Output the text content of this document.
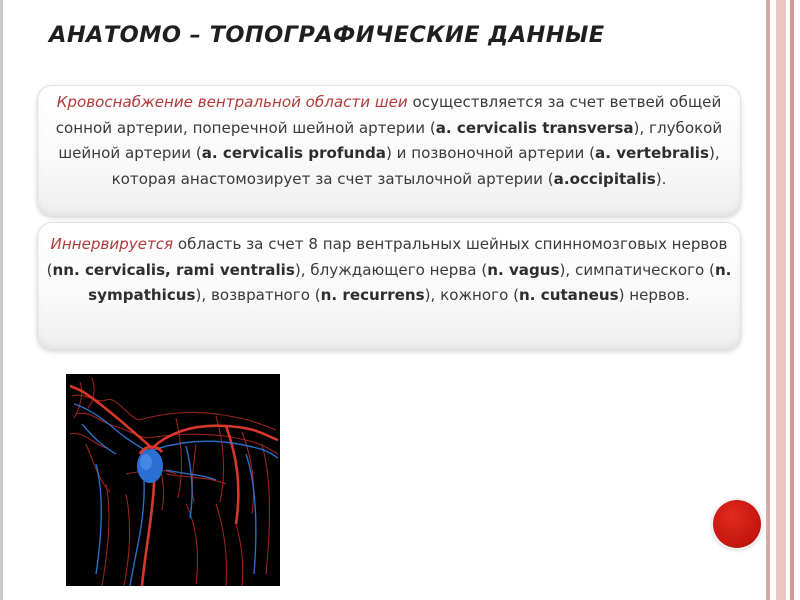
АНАТОМО – ТОПОГРАФИЧЕСКИЕ ДАННЫЕ
Кровоснабжение вентральной области шеи осуществляется за счет ветвей общей сонной артерии, поперечной шейной артерии (a. cervicalis transversa), глубокой шейной артерии (a. cervicalis profunda) и позвоночной артерии (a. vertebralis), которая анастомозирует за счет затылочной артерии (a.occipitalis).
Иннервируется область за счет 8 пар вентральных шейных спинномозговых нервов (nn. cervicalis, rami ventralis), блуждающего нерва (n. vagus), симпатического (n. sympathicus), возвратного (n. recurrens), кожного (n. cutaneus) нервов.
